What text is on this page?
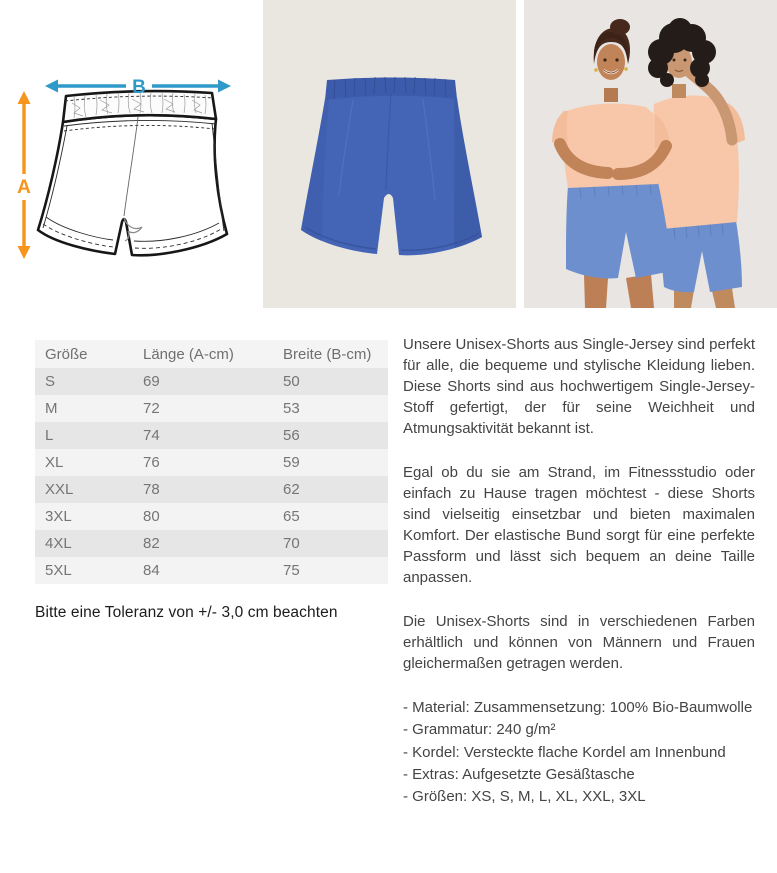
B
A
Größe	Länge (A-cm)	Breite (B-cm)
S	69	50
M	72	53
L	74	56
XL	76	59
XXL	78	62
3XL	80	65
4XL	82	70
5XL	84	75
Bitte eine Toleranz von +/- 3,0 cm beachten

Unsere Unisex-Shorts aus Single-Jersey sind perfekt für alle, die bequeme und stylische Kleidung lieben. Diese Shorts sind aus hochwertigem Single-Jersey-Stoff gefertigt, der für seine Weichheit und Atmungsaktivität bekannt ist.

Egal ob du sie am Strand, im Fitnessstudio oder einfach zu Hause tragen möchtest - diese Shorts sind vielseitig einsetzbar und bieten maximalen Komfort. Der elastische Bund sorgt für eine perfekte Passform und lässt sich bequem an deine Taille anpassen.

Die Unisex-Shorts sind in verschiedenen Farben erhältlich und können von Männern und Frauen gleichermaßen getragen werden.

- Material: Zusammensetzung: 100% Bio-Baumwolle
- Grammatur: 240 g/m²
- Kordel: Versteckte flache Kordel am Innenbund
- Extras: Aufgesetzte Gesäßtasche
- Größen: XS, S, M, L, XL, XXL, 3XL
